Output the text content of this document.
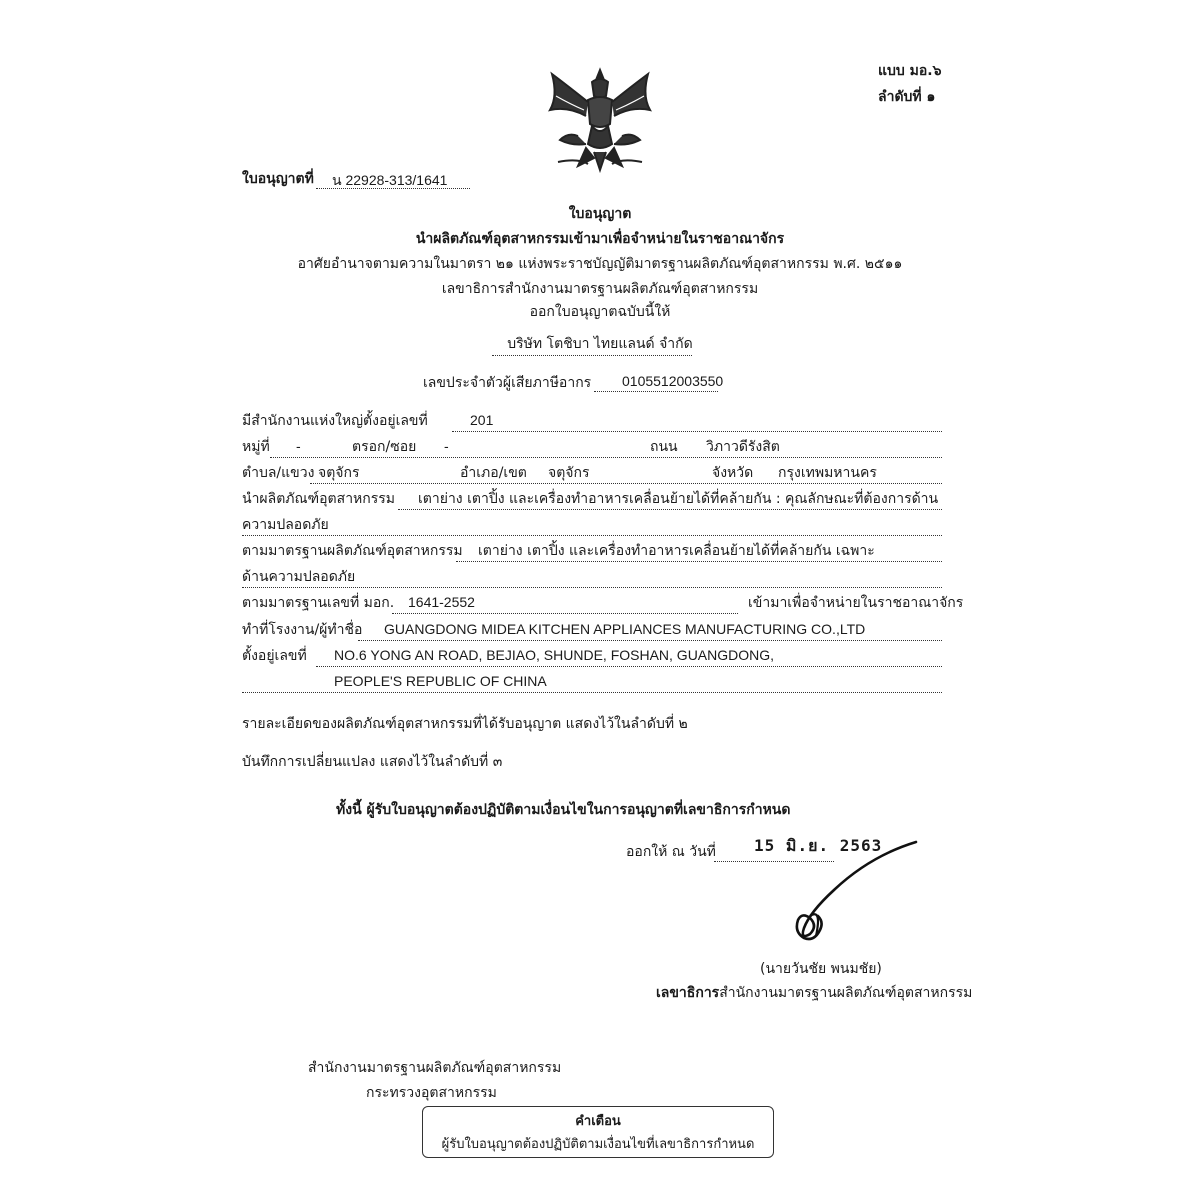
แบบ มอ.๖
ลำดับที่ ๑
ใบอนุญาตที่ น 22928-313/1641
ใบอนุญาต
นำผลิตภัณฑ์อุตสาหกรรมเข้ามาเพื่อจำหน่ายในราชอาณาจักร
อาศัยอำนาจตามความในมาตรา ๒๑ แห่งพระราชบัญญัติมาตรฐานผลิตภัณฑ์อุตสาหกรรม พ.ศ. ๒๕๑๑
เลขาธิการสำนักงานมาตรฐานผลิตภัณฑ์อุตสาหกรรม
ออกใบอนุญาตฉบับนี้ให้
บริษัท โตชิบา ไทยแลนด์ จำกัด
เลขประจำตัวผู้เสียภาษีอากร 0105512003550
มีสำนักงานแห่งใหญ่ตั้งอยู่เลขที่	201
หมู่ที่ -	ตรอก/ซอย -	ถนน วิภาวดีรังสิต
ตำบล/แขวง จตุจักร	อำเภอ/เขต จตุจักร	จังหวัด กรุงเทพมหานคร
นำผลิตภัณฑ์อุตสาหกรรม เตาย่าง เตาปิ้ง และเครื่องทำอาหารเคลื่อนย้ายได้ที่คล้ายกัน : คุณลักษณะที่ต้องการด้าน
ความปลอดภัย
ตามมาตรฐานผลิตภัณฑ์อุตสาหกรรม เตาย่าง เตาปิ้ง และเครื่องทำอาหารเคลื่อนย้ายได้ที่คล้ายกัน เฉพาะ
ด้านความปลอดภัย
ตามมาตรฐานเลขที่ มอก. 1641-2552	เข้ามาเพื่อจำหน่ายในราชอาณาจักร
ทำที่โรงงาน/ผู้ทำชื่อ GUANGDONG MIDEA KITCHEN APPLIANCES MANUFACTURING CO.,LTD
ตั้งอยู่เลขที่ NO.6 YONG AN ROAD, BEJIAO, SHUNDE, FOSHAN, GUANGDONG,
PEOPLE'S REPUBLIC OF CHINA
รายละเอียดของผลิตภัณฑ์อุตสาหกรรมที่ได้รับอนุญาต แสดงไว้ในลำดับที่ ๒
บันทึกการเปลี่ยนแปลง แสดงไว้ในลำดับที่ ๓
ทั้งนี้ ผู้รับใบอนุญาตต้องปฏิบัติตามเงื่อนไขในการอนุญาตที่เลขาธิการกำหนด
ออกให้ ณ วันที่ 15 มิ.ย. 2563
(นายวันชัย พนมชัย)
เลขาธิการสำนักงานมาตรฐานผลิตภัณฑ์อุตสาหกรรม
สำนักงานมาตรฐานผลิตภัณฑ์อุตสาหกรรม
กระทรวงอุตสาหกรรม
คำเตือน
ผู้รับใบอนุญาตต้องปฏิบัติตามเงื่อนไขที่เลขาธิการกำหนด
